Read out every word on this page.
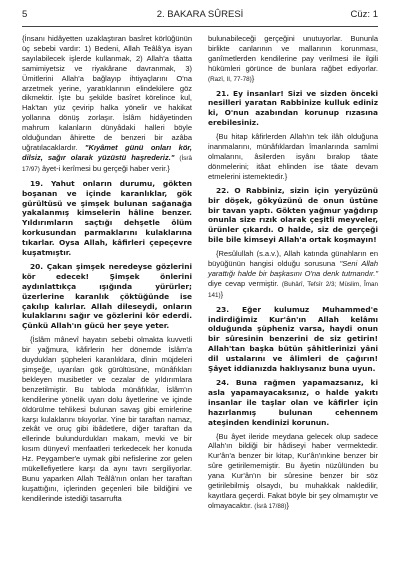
5	2. BAKARA SÛRESİ	Cüz: 1

{İnsanı hidâyetten uzaklaştıran basîret körlüğünün üç sebebi vardır: 1) Bedeni, Allah Teâlâ'ya isyan sayılabilecek işlerde kullanmak, 2) Allah'a tâatta samimiyetsiz ve riyakârane davranmak, 3) Ümitlerini Allah'a bağlayıp ihtiyaçlarını O'na arzetmek yerine, yaratıklarının elindekilere göz dikmektir. İşte bu şekilde basîret körelince kul, Hak'tan yüz çevirip halka yönelir ve hakikat yollarına dönüş zorlaşır. İslâm hidâyetinden mahrum kalanların dünyâdaki halleri böyle olduğundan âhirette de benzeri bir azâba uğratılacaklardır. "Kıyâmet günü onları kör, dilsiz, sağır olarak yüzüstü haşrederiz." (İsrâ 17/97) âyet-i kerîmesi bu gerçeği haber verir.}

19. Yahut onların durumu, gökten boşanan ve içinde karanlıklar, gök gürültüsü ve şimşek bulunan sağanağa yakalanmış kimselerin hâline benzer. Yıldırımların saçtığı dehşetle ölüm korkusundan parmaklarını kulaklarına tıkarlar. Oysa Allah, kâfirleri çepeçevre kuşatmıştır.

20. Çakan şimşek neredeyse gözlerini kör edecek! Şimşek önlerini aydınlattıkça ışığında yürürler; üzerlerine karanlık çöktüğünde ise çakılıp kalırlar. Allah dileseydi, onların kulaklarını sağır ve gözlerini kör ederdi. Çünkü Allah'ın gücü her şeye yeter.

{İslâm mânevî hayatın sebebi olmakta kuvvetli bir yağmura, kâfirlerin her dönemde İslâm'a duydukları şüpheleri karanlıklara, dînin müjdeleri şimşeğe, uyarıları gök gürültüsüne, münâfıkları bekleyen musibetler ve cezalar de yıldırımlara benzetilmiştir. Bu tabloda münâfıklar, İslâm'ın kendilerine yönelik uyarı dolu âyetlerine ve içinde öldürülme tehlikesi bulunan savaş gibi emirlerine karşı kulaklarını tıkıyorlar. Yine bir taraftan namaz, zekât ve oruç gibi ibâdetlere, diğer taraftan da ellerinde bulundurdukları makam, mevki ve bir kısım dünyevî menfaatleri terkedecek her konuda Hz. Peygamber'e uymak gibi nefislerine zor gelen mükellefiyetlere karşı da aynı tavrı sergiliyorlar. Bunu yaparken Allah Teâlâ'nın onları her taraftan kuşattığını, içlerinden geçenleri bile bildiğini ve kendilerinde istediği tasarrufta

bulunabileceği gerçeğini unutuyorlar. Bununla birlikte canlarının ve mallarının korunması, ganîmetlerden kendilerine pay verilmesi ile ilgili hükümleri görünce de bunlara rağbet ediyorlar. (Razî, II, 77-78)}

21. Ey insanlar! Sizi ve sizden önceki nesilleri yaratan Rabbinize kulluk ediniz ki, O'nun azabından korunup rızasına erebilesiniz.

{Bu hitap kâfirlerden Allah'ın tek ilâh olduğuna inanmalarını, münâfıklardan îmanlarında samîmi olmalarını, âsilerden isyânı bırakıp tâate dönmelerini; itâat ehlinden ise tâate devam etmelerini istemektedir.}

22. O Rabbiniz, sizin için yeryüzünü bir döşek, gökyüzünü de onun üstüne bir tavan yaptı. Gökten yağmur yağdırıp onunla size rızık olarak çeşitli meyveler, ürünler çıkardı. O halde, siz de gerçeği bile bile kimseyi Allah'a ortak koşmayın!

{Resûlullah (s.a.v.), Allah katında günahların en büyüğünün hangisi olduğu sorusuna "Seni Allah yarattığı halde bir başkasını O'na denk tutmandır." diye cevap vermiştir. (Buhârî, Tefsîr 2/3; Müslim, Îman 141)}

23. Eğer kulumuz Muhammed'e indirdiğimiz Kur'ân'ın Allah kelâmı olduğunda şüpheniz varsa, haydi onun bir sûresinin benzerini de siz getirin! Allah'tan başka bütün şâhitlerinizi yâni dil ustalarını ve âlimleri de çağırın! Şâyet iddianızda haklıysanız buna uyun.

24. Buna rağmen yapamazsanız, ki asla yapamayacaksınız, o halde yakıtı insanlar ile taşlar olan ve kâfirler için hazırlanmış bulunan cehennem ateşinden kendinizi korunun.

{Bu âyet ileride meydana gelecek olup sadece Allah'ın bildiği bir hâdiseyi haber vermektedir. Kur'ân'a benzer bir kitap, Kur'ân'ınkine benzer bir sûre getirilememiştir. Bu âyetin nüzûlünden bu yana Kur'ân'ın bir sûresine benzer bir söz getirilebilmiş olsaydı, bu muhakkak nakledilir, kayıtlara geçerdi. Fakat böyle bir şey olmamıştır ve olmayacaktır. (İsrâ 17/88)}
